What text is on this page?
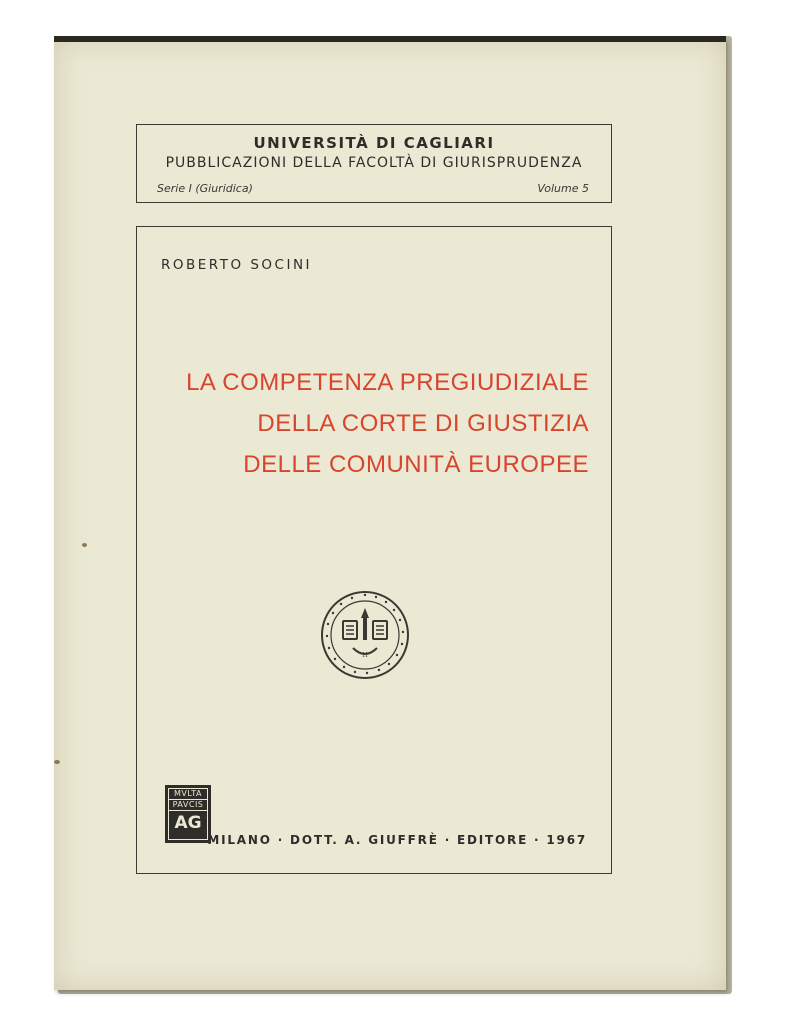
UNIVERSITÀ DI CAGLIARI
PUBBLICAZIONI DELLA FACOLTÀ DI GIURISPRUDENZA
Serie I (Giuridica)	Volume 5
ROBERTO SOCINI
LA COMPETENZA PREGIUDIZIALE
DELLA CORTE DI GIUSTIZIA
DELLE COMUNITÀ EUROPEE
H
MVLTA
PAVCIS
AG
MILANO · DOTT. A. GIUFFRÈ · EDITORE · 1967
